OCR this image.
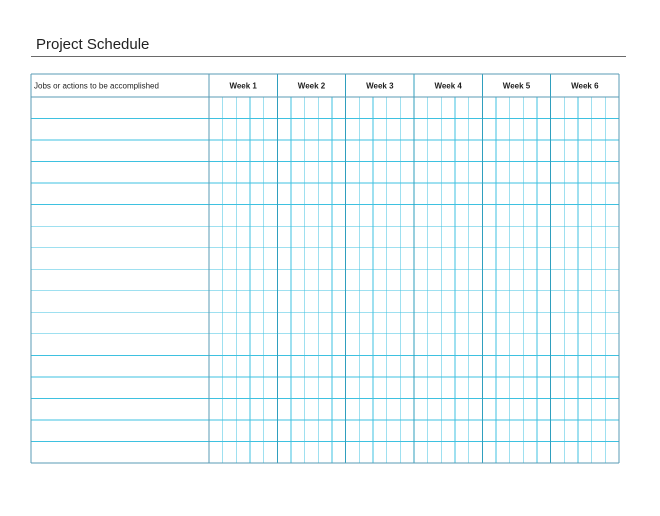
Project Schedule
Jobs or actions to be accomplished	Week 1	Week 2	Week 3	Week 4	Week 5	Week 6
